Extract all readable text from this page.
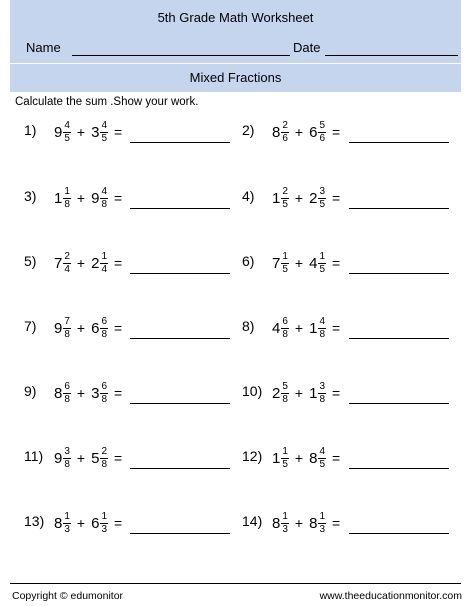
5th Grade Math Worksheet
Name	Date
Mixed Fractions
Calculate the sum .Show your work.
1) $9 \frac{4}{5} + 3 \frac{4}{5}$ =	2) $8 \frac{2}{6} + 6 \frac{5}{6}$ =
3) $1 \frac{1}{8} + 9 \frac{4}{8}$ =	4) $1 \frac{2}{5} + 2 \frac{3}{5}$ =
5) $7 \frac{2}{4} + 2 \frac{1}{4}$ =	6) $7 \frac{1}{5} + 4 \frac{1}{5}$ =
7) $9 \frac{7}{8} + 6 \frac{6}{8}$ =	8) $4 \frac{6}{8} + 1 \frac{4}{8}$ =
9) $8 \frac{6}{8} + 3 \frac{6}{8}$ =	10) $2 \frac{5}{8} + 1 \frac{3}{8}$ =
11) $9 \frac{3}{8} + 5 \frac{2}{8}$ =	12) $1 \frac{1}{5} + 8 \frac{4}{5}$ =
13) $8 \frac{1}{3} + 6 \frac{1}{3}$ =	14) $8 \frac{1}{3} + 8 \frac{1}{3}$ =
Copyright © edumonitor	www.theeducationmonitor.com
